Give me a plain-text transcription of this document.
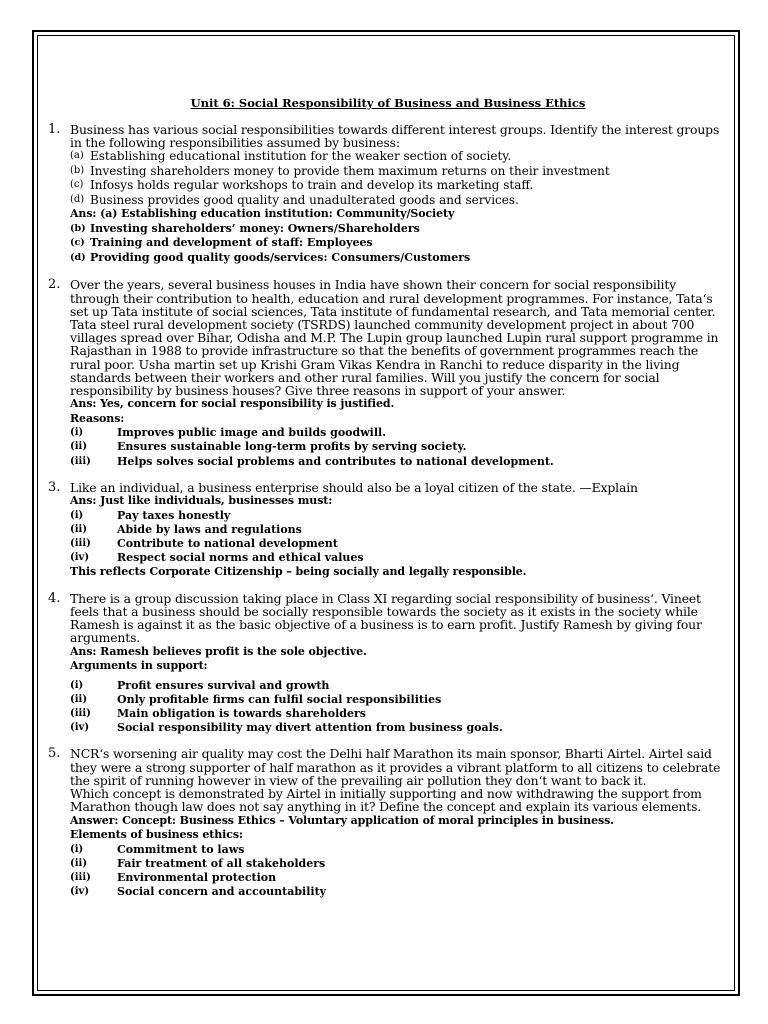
Unit 6: Social Responsibility of Business and Business Ethics
1. Business has various social responsibilities towards different interest groups. Identify the interest groups in the following responsibilities assumed by business:

(a) Establishing educational institution for the weaker section of society.
(b) Investing shareholders money to provide them maximum returns on their investment
(c) Infosys holds regular workshops to train and develop its marketing staff.
(d) Business provides good quality and unadulterated goods and services.
Ans: (a) Establishing education institution: Community/Society
(b) Investing shareholders’ money: Owners/Shareholders
(c) Training and development of staff: Employees
(d) Providing good quality goods/services: Consumers/Customers
2. Over the years, several business houses in India have shown their concern for social responsibility through their contribution to health, education and rural development programmes. For instance, Tata‘s set up Tata institute of social sciences, Tata institute of fundamental research, and Tata memorial center. Tata steel rural development society (TSRDS) launched community development project in about 700 villages spread over Bihar, Odisha and M.P. The Lupin group launched Lupin rural support programme in Rajasthan in 1988 to provide infrastructure so that the benefits of government programmes reach the rural poor. Usha martin set up Krishi Gram Vikas Kendra in Ranchi to reduce disparity in the living standards between their workers and other rural families. Will you justify the concern for social responsibility by business houses? Give three reasons in support of your answer.

Ans: Yes, concern for social responsibility is justified.
Reasons:
(i)	Improves public image and builds goodwill.
(ii)	Ensures sustainable long-term profits by serving society.
(iii)	Helps solves social problems and contributes to national development.
3. Like an individual, a business enterprise should also be a loyal citizen of the state. —Explain

Ans: Just like individuals, businesses must:
(i)	Pay taxes honestly
(ii)	Abide by laws and regulations
(iii)	Contribute to national development
(iv)	Respect social norms and ethical values
This reflects Corporate Citizenship – being socially and legally responsible.
4. There is a group discussion taking place in Class XI regarding social responsibility of business‘. Vineet feels that a business should be socially responsible towards the society as it exists in the society while Ramesh is against it as the basic objective of a business is to earn profit. Justify Ramesh by giving four arguments.

Ans: Ramesh believes profit is the sole objective.
Arguments in support:
(i)	Profit ensures survival and growth
(ii)	Only profitable firms can fulfil social responsibilities
(iii)	Main obligation is towards shareholders
(iv)	Social responsibility may divert attention from business goals.
5. NCR‘s worsening air quality may cost the Delhi half Marathon its main sponsor, Bharti Airtel. Airtel said they were a strong supporter of half marathon as it provides a vibrant platform to all citizens to celebrate the spirit of running however in view of the prevailing air pollution they don‘t want to back it.

Which concept is demonstrated by Airtel in initially supporting and now withdrawing the support from Marathon though law does not say anything in it? Define the concept and explain its various elements.

Answer: Concept: Business Ethics – Voluntary application of moral principles in business.
Elements of business ethics:
(i)	Commitment to laws
(ii)	Fair treatment of all stakeholders
(iii)	Environmental protection
(iv)	Social concern and accountability
